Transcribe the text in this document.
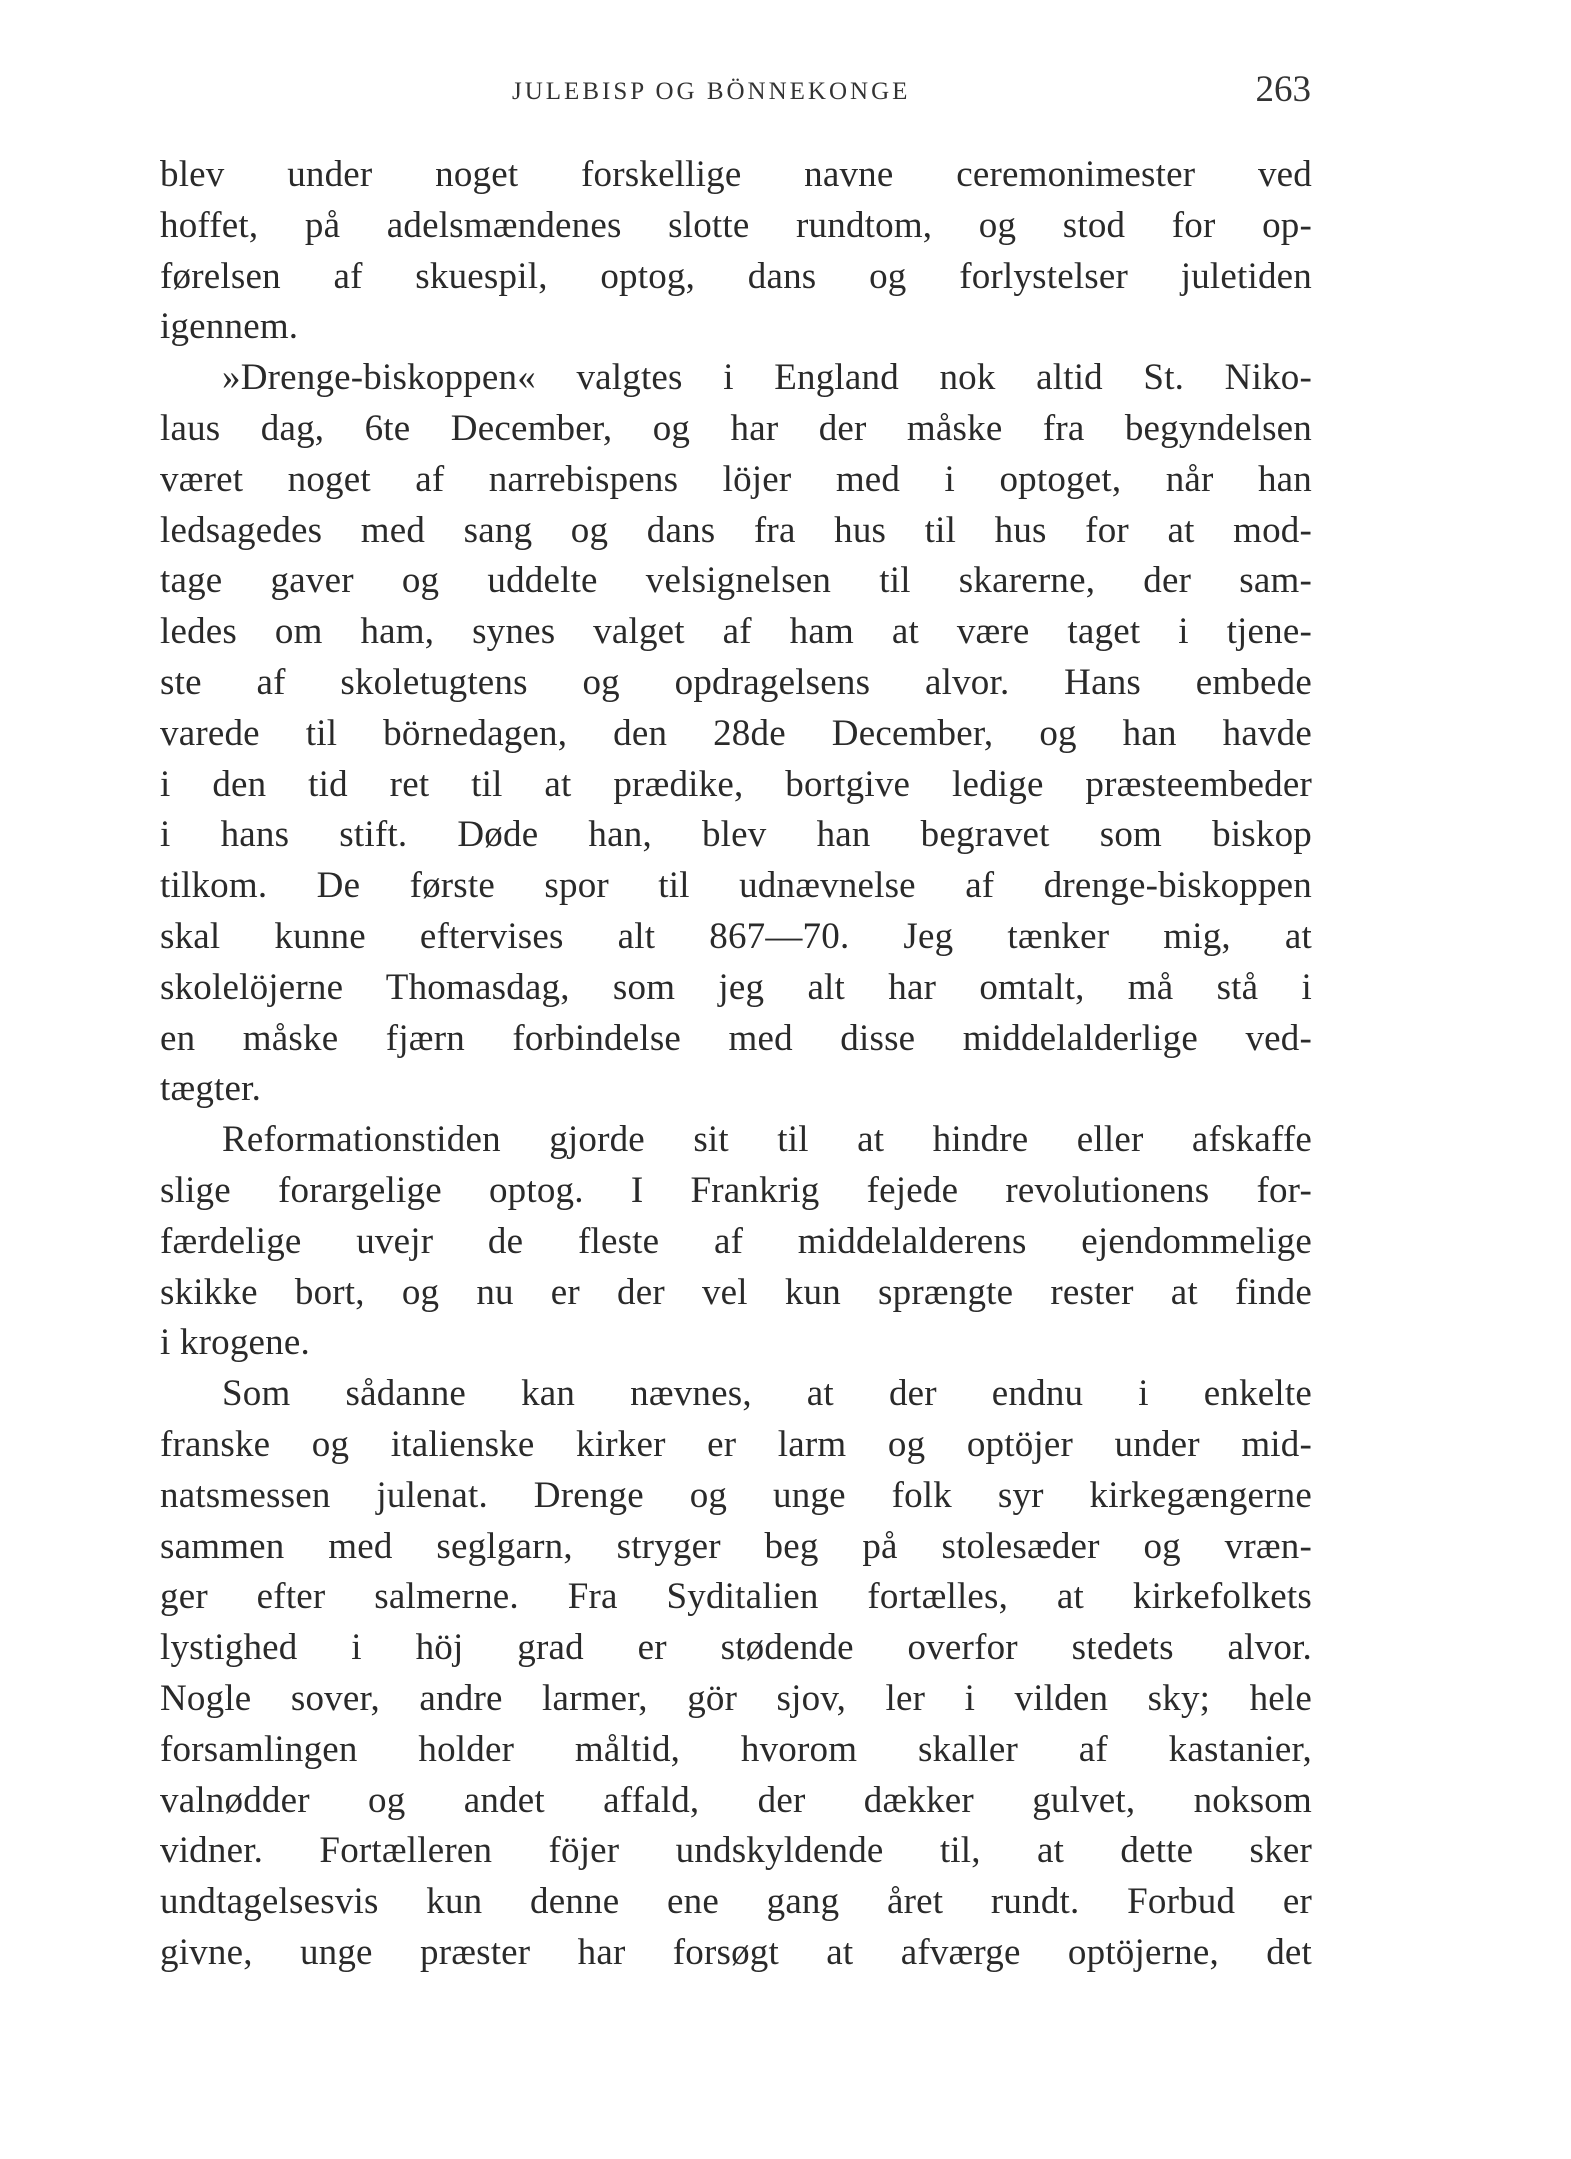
JULEBISP OG BÖNNEKONGE	263
blev under noget forskellige navne ceremonimester ved
hoffet, på adelsmændenes slotte rundtom, og stod for op-
førelsen af skuespil, optog, dans og forlystelser juletiden
igennem.
»Drenge-biskoppen« valgtes i England nok altid St. Niko-
laus dag, 6te December, og har der måske fra begyndelsen
været noget af narrebispens löjer med i optoget, når han
ledsagedes med sang og dans fra hus til hus for at mod-
tage gaver og uddelte velsignelsen til skarerne, der sam-
ledes om ham, synes valget af ham at være taget i tjene-
ste af skoletugtens og opdragelsens alvor. Hans embede
varede til börnedagen, den 28de December, og han havde
i den tid ret til at prædike, bortgive ledige præsteembeder
i hans stift. Døde han, blev han begravet som biskop
tilkom. De første spor til udnævnelse af drenge-biskoppen
skal kunne eftervises alt 867—70. Jeg tænker mig, at
skolelöjerne Thomasdag, som jeg alt har omtalt, må stå i
en måske fjærn forbindelse med disse middelalderlige ved-
tægter.
Reformationstiden gjorde sit til at hindre eller afskaffe
slige forargelige optog. I Frankrig fejede revolutionens for-
færdelige uvejr de fleste af middelalderens ejendommelige
skikke bort, og nu er der vel kun sprængte rester at finde
i krogene.
Som sådanne kan nævnes, at der endnu i enkelte
franske og italienske kirker er larm og optöjer under mid-
natsmessen julenat. Drenge og unge folk syr kirkegængerne
sammen med seglgarn, stryger beg på stolesæder og vræn-
ger efter salmerne. Fra Syditalien fortælles, at kirkefolkets
lystighed i höj grad er stødende overfor stedets alvor.
Nogle sover, andre larmer, gör sjov, ler i vilden sky; hele
forsamlingen holder måltid, hvorom skaller af kastanier,
valnødder og andet affald, der dækker gulvet, noksom
vidner. Fortælleren föjer undskyldende til, at dette sker
undtagelsesvis kun denne ene gang året rundt. Forbud er
givne, unge præster har forsøgt at afværge optöjerne, det
